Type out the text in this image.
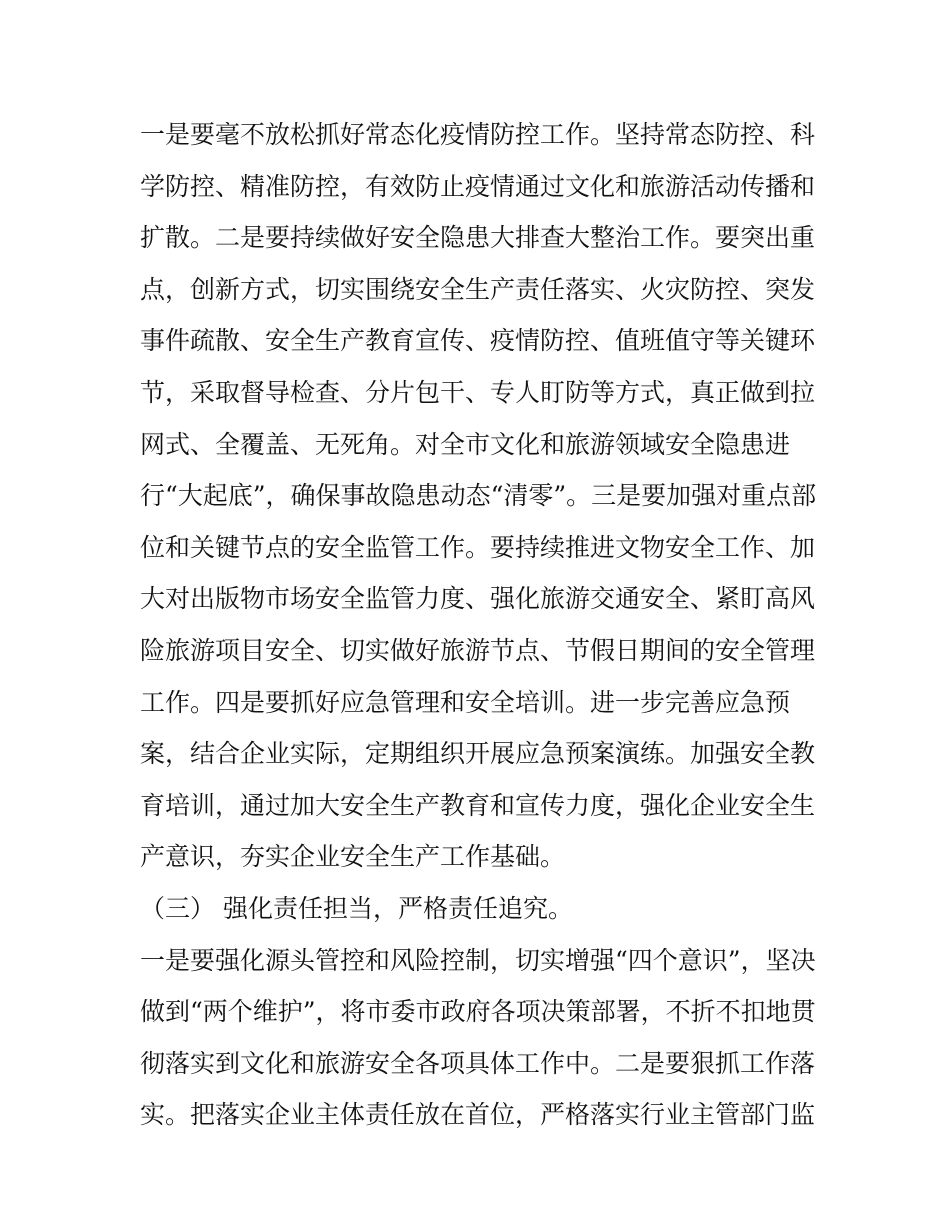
一是要毫不放松抓好常态化疫情防控工作。坚持常态防控、科
学防控、精准防控，有效防止疫情通过文化和旅游活动传播和
扩散。二是要持续做好安全隐患大排查大整治工作。要突出重
点，创新方式，切实围绕安全生产责任落实、火灾防控、突发
事件疏散、安全生产教育宣传、疫情防控、值班值守等关键环
节，采取督导检查、分片包干、专人盯防等方式，真正做到拉
网式、全覆盖、无死角。对全市文化和旅游领域安全隐患进
行“大起底”，确保事故隐患动态“清零”。三是要加强对重点部
位和关键节点的安全监管工作。要持续推进文物安全工作、加
大对出版物市场安全监管力度、强化旅游交通安全、紧盯高风
险旅游项目安全、切实做好旅游节点、节假日期间的安全管理
工作。四是要抓好应急管理和安全培训。进一步完善应急预
案，结合企业实际，定期组织开展应急预案演练。加强安全教
育培训，通过加大安全生产教育和宣传力度，强化企业安全生
产意识，夯实企业安全生产工作基础。
（三） 强化责任担当，严格责任追究。
一是要强化源头管控和风险控制，切实增强“四个意识”，坚决
做到“两个维护”，将市委市政府各项决策部署，不折不扣地贯
彻落实到文化和旅游安全各项具体工作中。二是要狠抓工作落
实。把落实企业主体责任放在首位，严格落实行业主管部门监
